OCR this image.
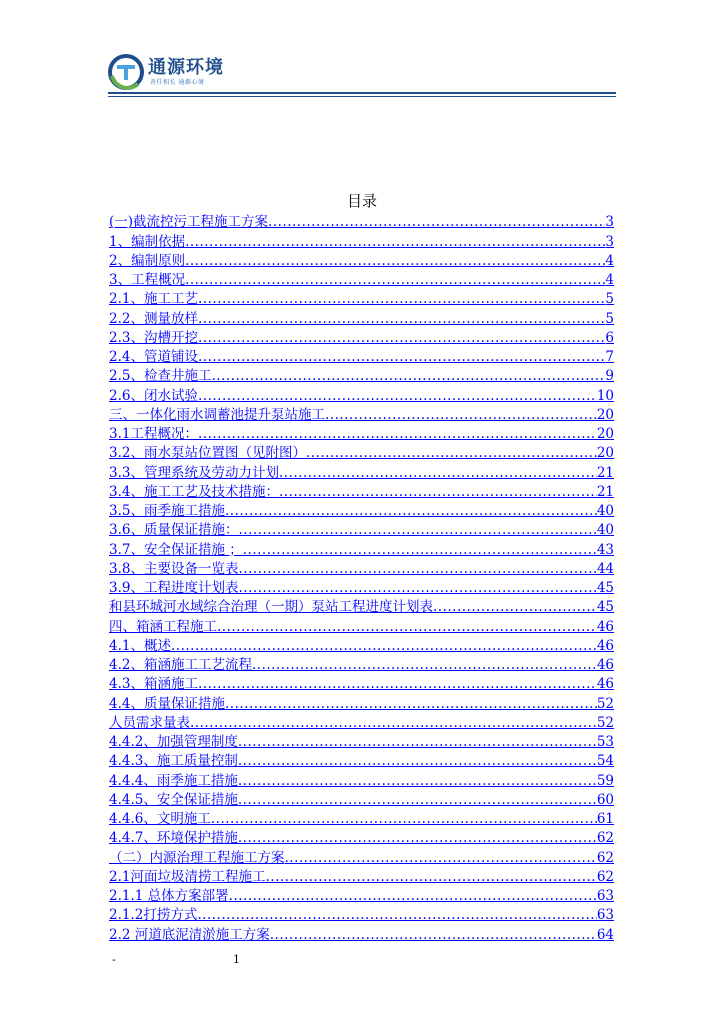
通源环境
善任相长 通源心境
目录
(一)截流控污工程施工方案 .....	3
1、编制依据 .....	3
2、编制原则 .....	4
3、工程概况 .....	4
2.1、施工工艺 .....	5
2.2、测量放样 .....	5
2.3、沟槽开挖 .....	6
2.4、管道铺设 .....	7
2.5、检查井施工 .....	9
2.6、闭水试验 .....	10
三、一体化雨水调蓄池提升泵站施工 .....	20
3.1工程概况： .....	20
3.2、雨水泵站位置图（见附图） .....	20
3.3、管理系统及劳动力计划 .....	21
3.4、施工工艺及技术措施： .....	21
3.5、雨季施工措施 .....	40
3.6、质量保证措施： .....	40
3.7、安全保证措施 ； .....	43
3.8、主要设备一览表 .....	44
3.9、工程进度计划表 .....	45
和县环城河水域综合治理（一期）泵站工程进度计划表 .....	45
四、箱涵工程施工 .....	46
4.1、概述 .....	46
4.2、箱涵施工工艺流程 .....	46
4.3、箱涵施工 .....	46
4.4、质量保证措施 .....	52
人员需求量表 .....	52
4.4.2、加强管理制度 .....	53
4.4.3、施工质量控制 .....	54
4.4.4、雨季施工措施 .....	59
4.4.5、安全保证措施 .....	60
4.4.6、文明施工 .....	61
4.4.7、环境保护措施 .....	62
（二）内源治理工程施工方案 .....	62
2.1河面垃圾清捞工程施工 .....	62
2.1.1 总体方案部署 .....	63
2.1.2打捞方式 .....	63
2.2 河道底泥清淤施工方案 .....	64
-	1
